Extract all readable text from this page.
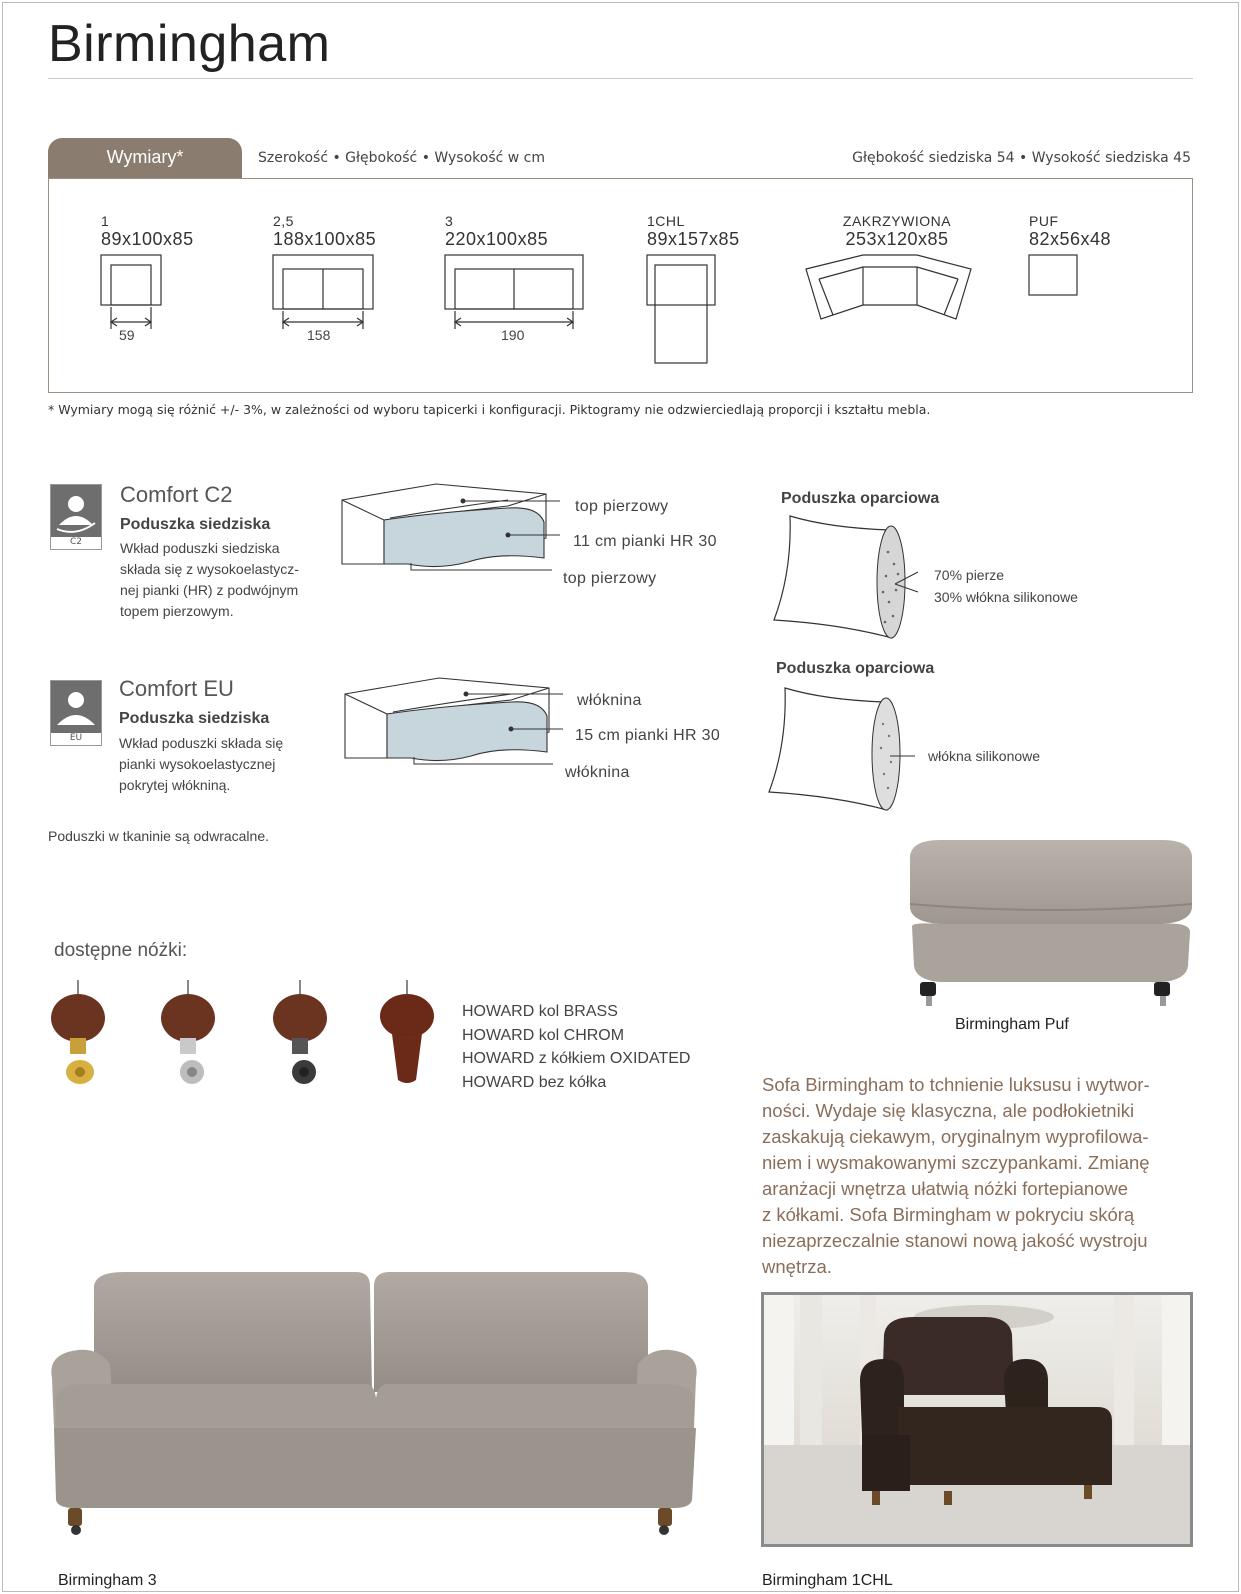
Birmingham
Wymiary*	Szerokość • Głębokość • Wysokość w cm	Głębokość siedziska 54 • Wysokość siedziska 45
1
89x100x85
2,5
188x100x85
3
220x100x85
1CHL
89x157x85
ZAKRZYWIONA
253x120x85
PUF
82x56x48
59	158	190
* Wymiary mogą się różnić +/- 3%, w zależności od wyboru tapicerki i konfiguracji. Piktogramy nie odzwierciedlają proporcji i kształtu mebla.
C2
Comfort C2
Poduszka siedziska
Wkład poduszki siedziska
składa się z wysokoelastycz-
nej pianki (HR) z podwójnym
topem pierzowym.
top pierzowy
11 cm pianki HR 30
top pierzowy
EU
Comfort EU
Poduszka siedziska
Wkład poduszki składa się
pianki wysokoelastycznej
pokrytej włókniną.
włóknina
15 cm pianki HR 30
włóknina
Poduszka oparciowa
70% pierze
30% włókna silikonowe
Poduszka oparciowa
włókna silikonowe
Poduszki w tkaninie są odwracalne.
Birmingham Puf
dostępne nóżki:
HOWARD kol BRASS
HOWARD kol CHROM
HOWARD z kółkiem OXIDATED
HOWARD bez kółka	Sofa Birmingham to tchnienie luksusu i wytwor-
ności. Wydaje się klasyczna, ale podłokietniki
zaskakują ciekawym, oryginalnym wyprofilowa-
niem i wysmakowanymi szczypankami. Zmianę
aranżacji wnętrza ułatwią nóżki fortepianowe
z kółkami. Sofa Birmingham w pokryciu skórą
niezaprzeczalnie stanowi nową jakość wystroju
wnętrza.
Birmingham 3	Birmingham 1CHL
